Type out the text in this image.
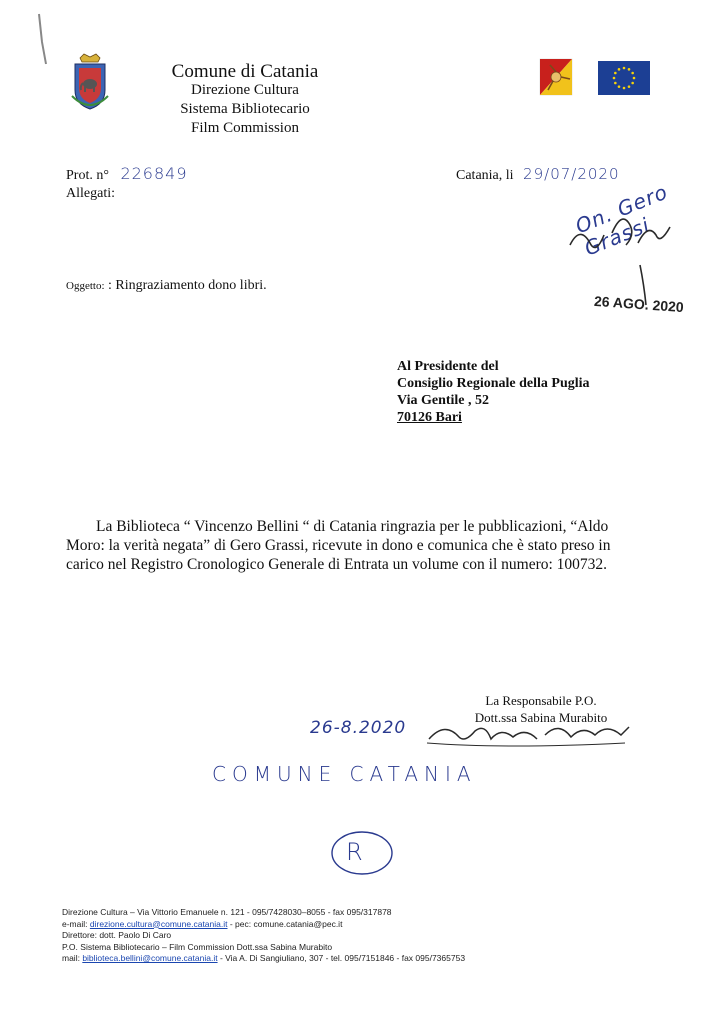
Comune di Catania
Direzione Cultura
Sistema Bibliotecario
Film Commission
Prot. n° 226849
Allegati:
Catania, li 29/07/2020
On. Gero Grassi
26 AGO. 2020
Oggetto: : Ringraziamento dono libri.
Al Presidente del
Consiglio Regionale della Puglia
Via Gentile , 52
70126 Bari
La Biblioteca “ Vincenzo Bellini “ di Catania ringrazia per le pubblicazioni, “Aldo Moro: la verità negata” di Gero Grassi, ricevute in dono e comunica che è stato preso in carico nel Registro Cronologico Generale di Entrata un volume con il numero: 100732.
La Responsabile P.O.
Dott.ssa Sabina Murabito
26-8.2020
COMUNE CATANIA
R
Direzione Cultura – Via Vittorio Emanuele n. 121 - 095/7428030–8055 - fax 095/317878
e-mail: direzione.cultura@comune.catania.it - pec: comune.catania@pec.it
Direttore: dott. Paolo Di Caro
P.O. Sistema Bibliotecario – Film Commission Dott.ssa Sabina Murabito
mail: biblioteca.bellini@comune.catania.it - Via A. Di Sangiuliano, 307 - tel. 095/7151846 - fax 095/7365753
